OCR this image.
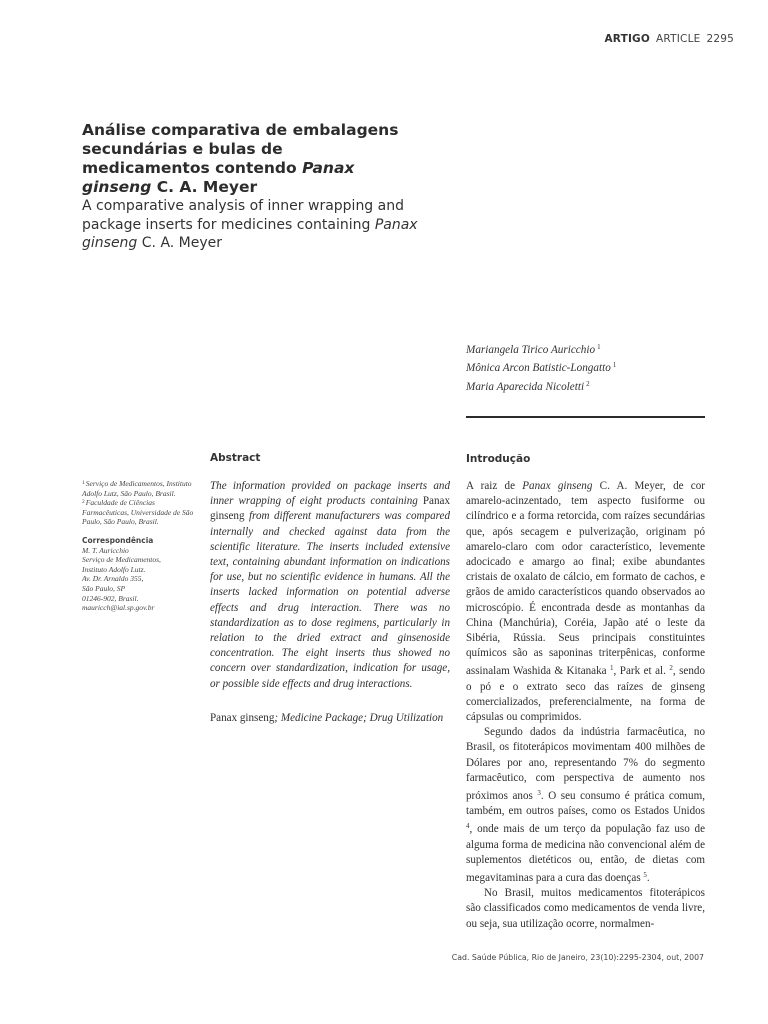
ARTIGO ARTICLE 2295
Análise comparativa de embalagens secundárias e bulas de medicamentos contendo Panax ginseng C. A. Meyer
A comparative analysis of inner wrapping and package inserts for medicines containing Panax ginseng C. A. Meyer
Mariangela Tirico Auricchio $^1$
Mônica Arcon Batistic-Longatto $^1$
Maria Aparecida Nicoletti $^2$
Abstract	Introdução

$^1$Serviço de Medicamentos, Instituto Adolfo Lutz, São Paulo, Brasil.

$^2$Faculdade de Ciências Farmacêuticas, Universidade de São Paulo, São Paulo, Brasil.

Correspondência
M. T. Auricchio
Serviço de Medicamentos,
Instituto Adolfo Lutz.
Av. Dr. Arnaldo 355,
São Paulo, SP
01246-902, Brasil.
mauricch@ial.sp.gov.br

The information provided on package inserts and inner wrapping of eight products containing Panax ginseng from different manufacturers was compared internally and checked against data from the scientific literature. The inserts included extensive text, containing abundant information on indications for use, but no scientific evidence in humans. All the inserts lacked information on potential adverse effects and drug interaction. There was no standardization as to dose regimens, particularly in relation to the dried extract and ginsenoside concentration. The eight inserts thus showed no concern over standardization, indication for usage, or possible side effects and drug interactions.

Panax ginseng; Medicine Package; Drug Utilization

A raiz de Panax ginseng C. A. Meyer, de cor amarelo-acinzentado, tem aspecto fusiforme ou cilíndrico e a forma retorcida, com raízes secundárias que, após secagem e pulverização, originam pó amarelo-claro com odor característico, levemente adocicado e amargo ao final; exibe abundantes cristais de oxalato de cálcio, em formato de cachos, e grãos de amido característicos quando observados ao microscópio. É encontrada desde as montanhas da China (Manchúria), Coréia, Japão até o leste da Sibéria, Rússia. Seus principais constituintes químicos são as saponinas triterpênicas, conforme assinalam Washida & Kitanaka $^1$, Park et al. $^2$, sendo o pó e o extrato seco das raízes de ginseng comercializados, preferencialmente, na forma de cápsulas ou comprimidos.

Segundo dados da indústria farmacêutica, no Brasil, os fitoterápicos movimentam 400 milhões de Dólares por ano, representando 7% do segmento farmacêutico, com perspectiva de aumento nos próximos anos $^3$. O seu consumo é prática comum, também, em outros países, como os Estados Unidos $^4$, onde mais de um terço da população faz uso de alguma forma de medicina não convencional além de suplementos dietéticos ou, então, de dietas com megavitaminas para a cura das doenças $^5$.

No Brasil, muitos medicamentos fitoterápicos são classificados como medicamentos de venda livre, ou seja, sua utilização ocorre, normalmen-

Cad. Saúde Pública, Rio de Janeiro, 23(10):2295-2304, out, 2007
